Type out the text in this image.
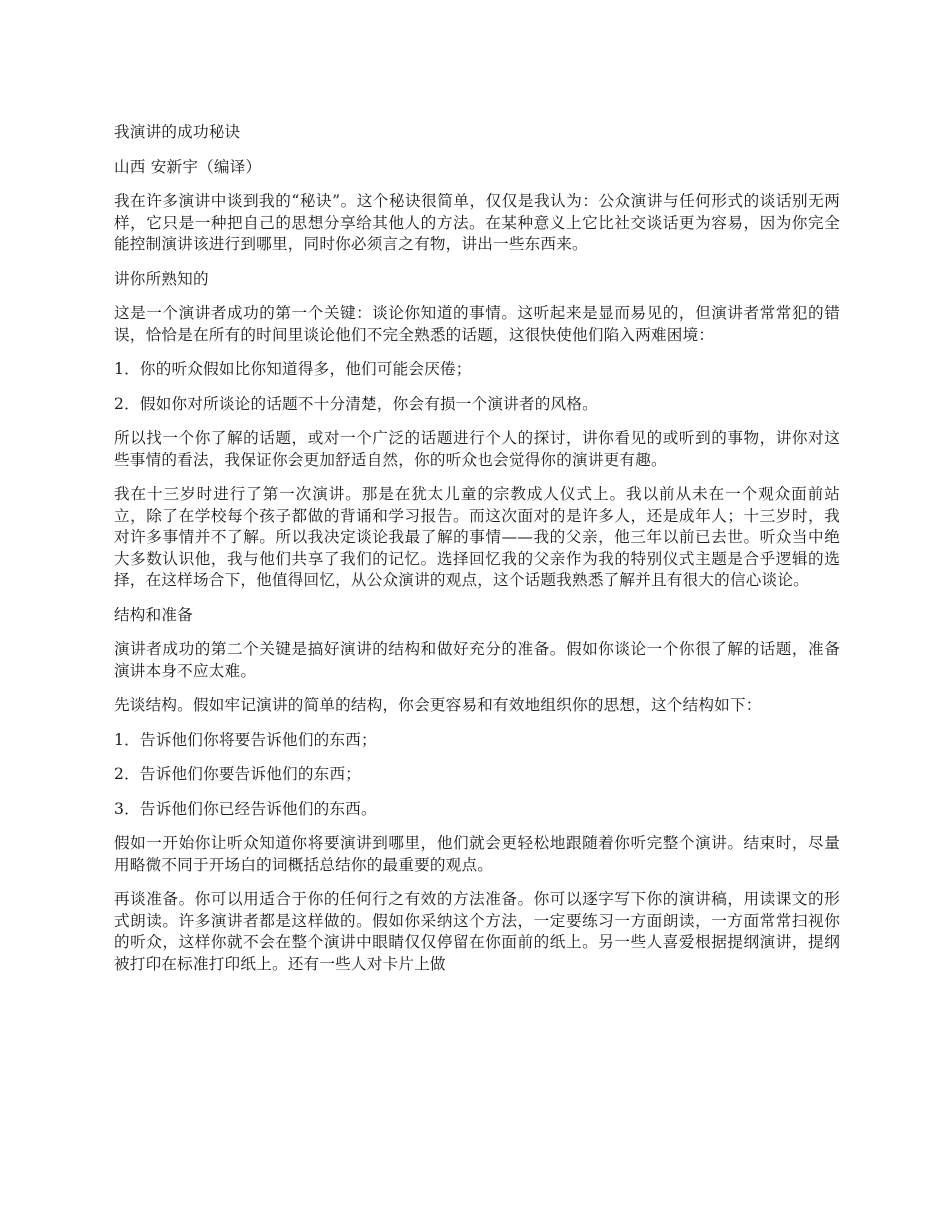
我演讲的成功秘诀

山西 安新宇（编译）

我在许多演讲中谈到我的“秘诀”。这个秘诀很简单，仅仅是我认为：公众演讲与任何形式的谈话别无两样，它只是一种把自己的思想分享给其他人的方法。在某种意义上它比社交谈话更为容易，因为你完全能控制演讲该进行到哪里，同时你必须言之有物，讲出一些东西来。

讲你所熟知的

这是一个演讲者成功的第一个关键：谈论你知道的事情。这听起来是显而易见的，但演讲者常常犯的错误，恰恰是在所有的时间里谈论他们不完全熟悉的话题，这很快使他们陷入两难困境：

1．你的听众假如比你知道得多，他们可能会厌倦；

2．假如你对所谈论的话题不十分清楚，你会有损一个演讲者的风格。

所以找一个你了解的话题，或对一个广泛的话题进行个人的探讨，讲你看见的或听到的事物，讲你对这些事情的看法，我保证你会更加舒适自然，你的听众也会觉得你的演讲更有趣。

我在十三岁时进行了第一次演讲。那是在犹太儿童的宗教成人仪式上。我以前从未在一个观众面前站立，除了在学校每个孩子都做的背诵和学习报告。而这次面对的是许多人，还是成年人；十三岁时，我对许多事情并不了解。所以我决定谈论我最了解的事情——我的父亲，他三年以前已去世。听众当中绝大多数认识他，我与他们共享了我们的记忆。选择回忆我的父亲作为我的特别仪式主题是合乎逻辑的选择，在这样场合下，他值得回忆，从公众演讲的观点，这个话题我熟悉了解并且有很大的信心谈论。

结构和准备

演讲者成功的第二个关键是搞好演讲的结构和做好充分的准备。假如你谈论一个你很了解的话题，准备演讲本身不应太难。

先谈结构。假如牢记演讲的简单的结构，你会更容易和有效地组织你的思想，这个结构如下：

1．告诉他们你将要告诉他们的东西；

2．告诉他们你要告诉他们的东西；

3．告诉他们你已经告诉他们的东西。

假如一开始你让听众知道你将要演讲到哪里，他们就会更轻松地跟随着你听完整个演讲。结束时，尽量用略微不同于开场白的词概括总结你的最重要的观点。

再谈准备。你可以用适合于你的任何行之有效的方法准备。你可以逐字写下你的演讲稿，用读课文的形式朗读。许多演讲者都是这样做的。假如你采纳这个方法，一定要练习一方面朗读，一方面常常扫视你的听众，这样你就不会在整个演讲中眼睛仅仅停留在你面前的纸上。另一些人喜爱根据提纲演讲，提纲被打印在标准打印纸上。还有一些人对卡片上做
